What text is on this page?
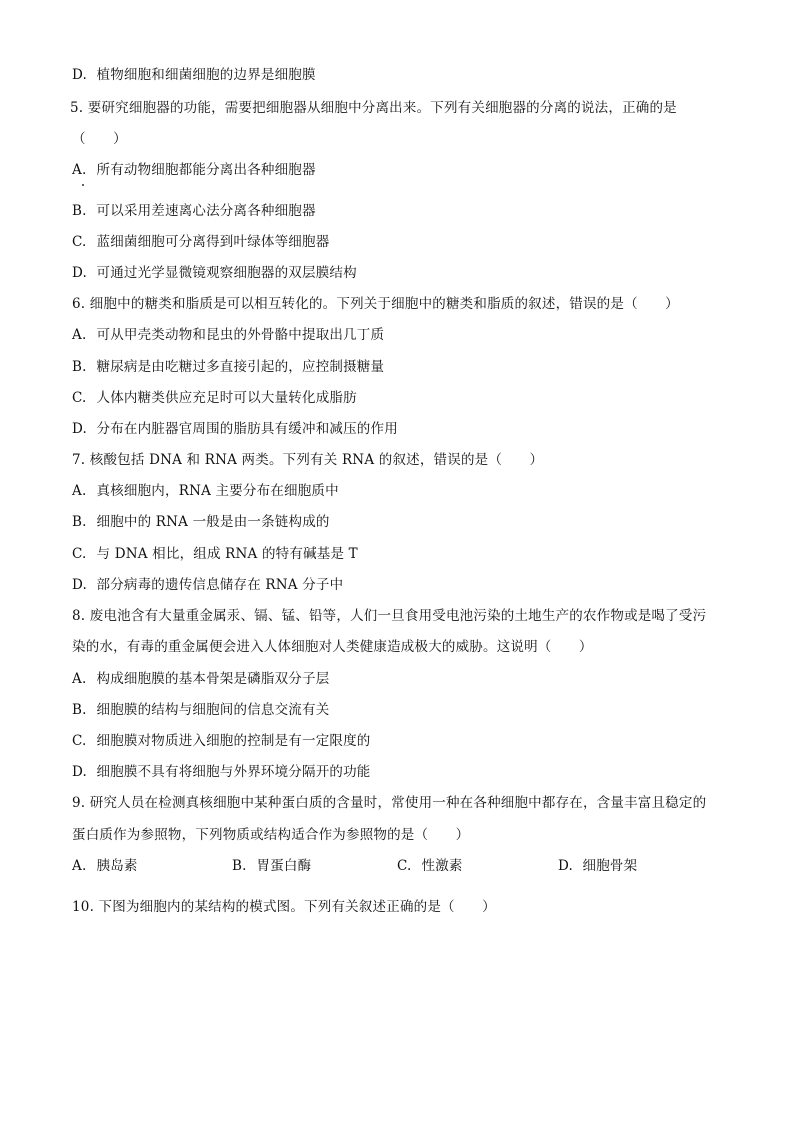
D. 植物细胞和细菌细胞的边界是细胞膜
5. 要研究细胞器的功能，需要把细胞器从细胞中分离出来。下列有关细胞器的分离的说法，正确的是
（　　）
A. 所有动物细胞都能分离出各种细胞器
B. 可以采用差速离心法分离各种细胞器
C. 蓝细菌细胞可分离得到叶绿体等细胞器
D. 可通过光学显微镜观察细胞器的双层膜结构
6. 细胞中的糖类和脂质是可以相互转化的。下列关于细胞中的糖类和脂质的叙述，错误的是（　　）
A. 可从甲壳类动物和昆虫的外骨骼中提取出几丁质
B. 糖尿病是由吃糖过多直接引起的，应控制摄糖量
C. 人体内糖类供应充足时可以大量转化成脂肪
D. 分布在内脏器官周围的脂肪具有缓冲和减压的作用
7. 核酸包括 DNA 和 RNA 两类。下列有关 RNA 的叙述，错误的是（　　）
A. 真核细胞内，RNA 主要分布在细胞质中
B. 细胞中的 RNA 一般是由一条链构成的
C. 与 DNA 相比，组成 RNA 的特有碱基是 T
D. 部分病毒的遗传信息储存在 RNA 分子中
8. 废电池含有大量重金属汞、镉、锰、铅等，人们一旦食用受电池污染的土地生产的农作物或是喝了受污
染的水，有毒的重金属便会进入人体细胞对人类健康造成极大的威胁。这说明（　　）
A. 构成细胞膜的基本骨架是磷脂双分子层
B. 细胞膜的结构与细胞间的信息交流有关
C. 细胞膜对物质进入细胞的控制是有一定限度的
D. 细胞膜不具有将细胞与外界环境分隔开的功能
9. 研究人员在检测真核细胞中某种蛋白质的含量时，常使用一种在各种细胞中都存在，含量丰富且稳定的
蛋白质作为参照物，下列物质或结构适合作为参照物的是（　　）
A. 胰岛素	B. 胃蛋白酶	C. 性激素	D. 细胞骨架
10. 下图为细胞内的某结构的模式图。下列有关叙述正确的是（　　）
